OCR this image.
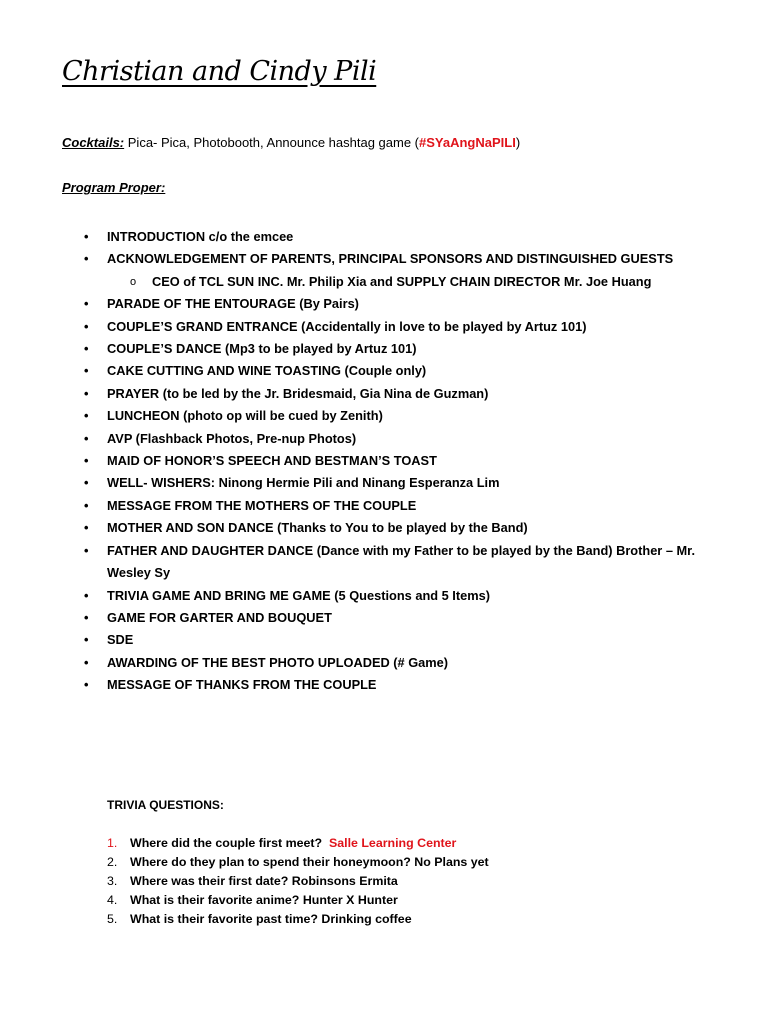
Christian and Cindy Pili
Cocktails: Pica- Pica, Photobooth, Announce hashtag game (#SYaAngNaPILI)
Program Proper:
• INTRODUCTION c/o the emcee
• ACKNOWLEDGEMENT OF PARENTS, PRINCIPAL SPONSORS AND DISTINGUISHED GUESTS
o CEO of TCL SUN INC. Mr. Philip Xia and SUPPLY CHAIN DIRECTOR Mr. Joe Huang
• PARADE OF THE ENTOURAGE (By Pairs)
• COUPLE’S GRAND ENTRANCE (Accidentally in love to be played by Artuz 101)
• COUPLE’S DANCE (Mp3 to be played by Artuz 101)
• CAKE CUTTING AND WINE TOASTING (Couple only)
• PRAYER (to be led by the Jr. Bridesmaid, Gia Nina de Guzman)
• LUNCHEON (photo op will be cued by Zenith)
• AVP (Flashback Photos, Pre-nup Photos)
• MAID OF HONOR’S SPEECH AND BESTMAN’S TOAST
• WELL- WISHERS: Ninong Hermie Pili and Ninang Esperanza Lim
• MESSAGE FROM THE MOTHERS OF THE COUPLE
• MOTHER AND SON DANCE (Thanks to You to be played by the Band)
• FATHER AND DAUGHTER DANCE (Dance with my Father to be played by the Band) Brother – Mr. Wesley Sy
• TRIVIA GAME AND BRING ME GAME (5 Questions and 5 Items)
• GAME FOR GARTER AND BOUQUET
• SDE
• AWARDING OF THE BEST PHOTO UPLOADED (# Game)
• MESSAGE OF THANKS FROM THE COUPLE
TRIVIA QUESTIONS:
1. Where did the couple first meet? Salle Learning Center
2. Where do they plan to spend their honeymoon? No Plans yet
3. Where was their first date? Robinsons Ermita
4. What is their favorite anime? Hunter X Hunter
5. What is their favorite past time? Drinking coffee
